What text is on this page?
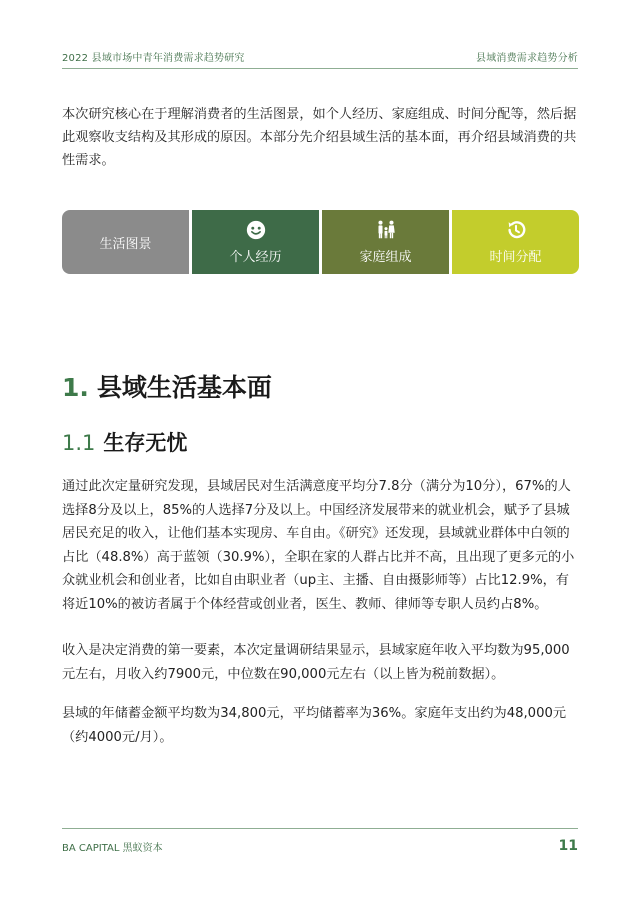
2022 县域市场中青年消费需求趋势研究	县域消费需求趋势分析

本次研究核心在于理解消费者的生活图景，如个人经历、家庭组成、时间分配等，然后据此观察收支结构及其形成的原因。本部分先介绍县域生活的基本面，再介绍县域消费的共性需求。

生活图景
个人经历	家庭组成	时间分配
1. 县域生活基本面
1.1 生存无忧

通过此次定量研究发现，县域居民对生活满意度平均分7.8分（满分为10分），67%的人选择8分及以上，85%的人选择7分及以上。中国经济发展带来的就业机会，赋予了县城居民充足的收入，让他们基本实现房、车自由。《研究》还发现，县域就业群体中白领的占比（48.8%）高于蓝领（30.9%），全职在家的人群占比并不高，且出现了更多元的小众就业机会和创业者，比如自由职业者（up主、主播、自由摄影师等）占比12.9%，有将近10%的被访者属于个体经营或创业者，医生、教师、律师等专职人员约占8%。

收入是决定消费的第一要素，本次定量调研结果显示，县域家庭年收入平均数为95,000元左右，月收入约7900元，中位数在90,000元左右（以上皆为税前数据）。

县域的年储蓄金额平均数为34,800元，平均储蓄率为36%。家庭年支出约为48,000元（约4000元/月）。

BA CAPITAL 黑蚁资本	11
